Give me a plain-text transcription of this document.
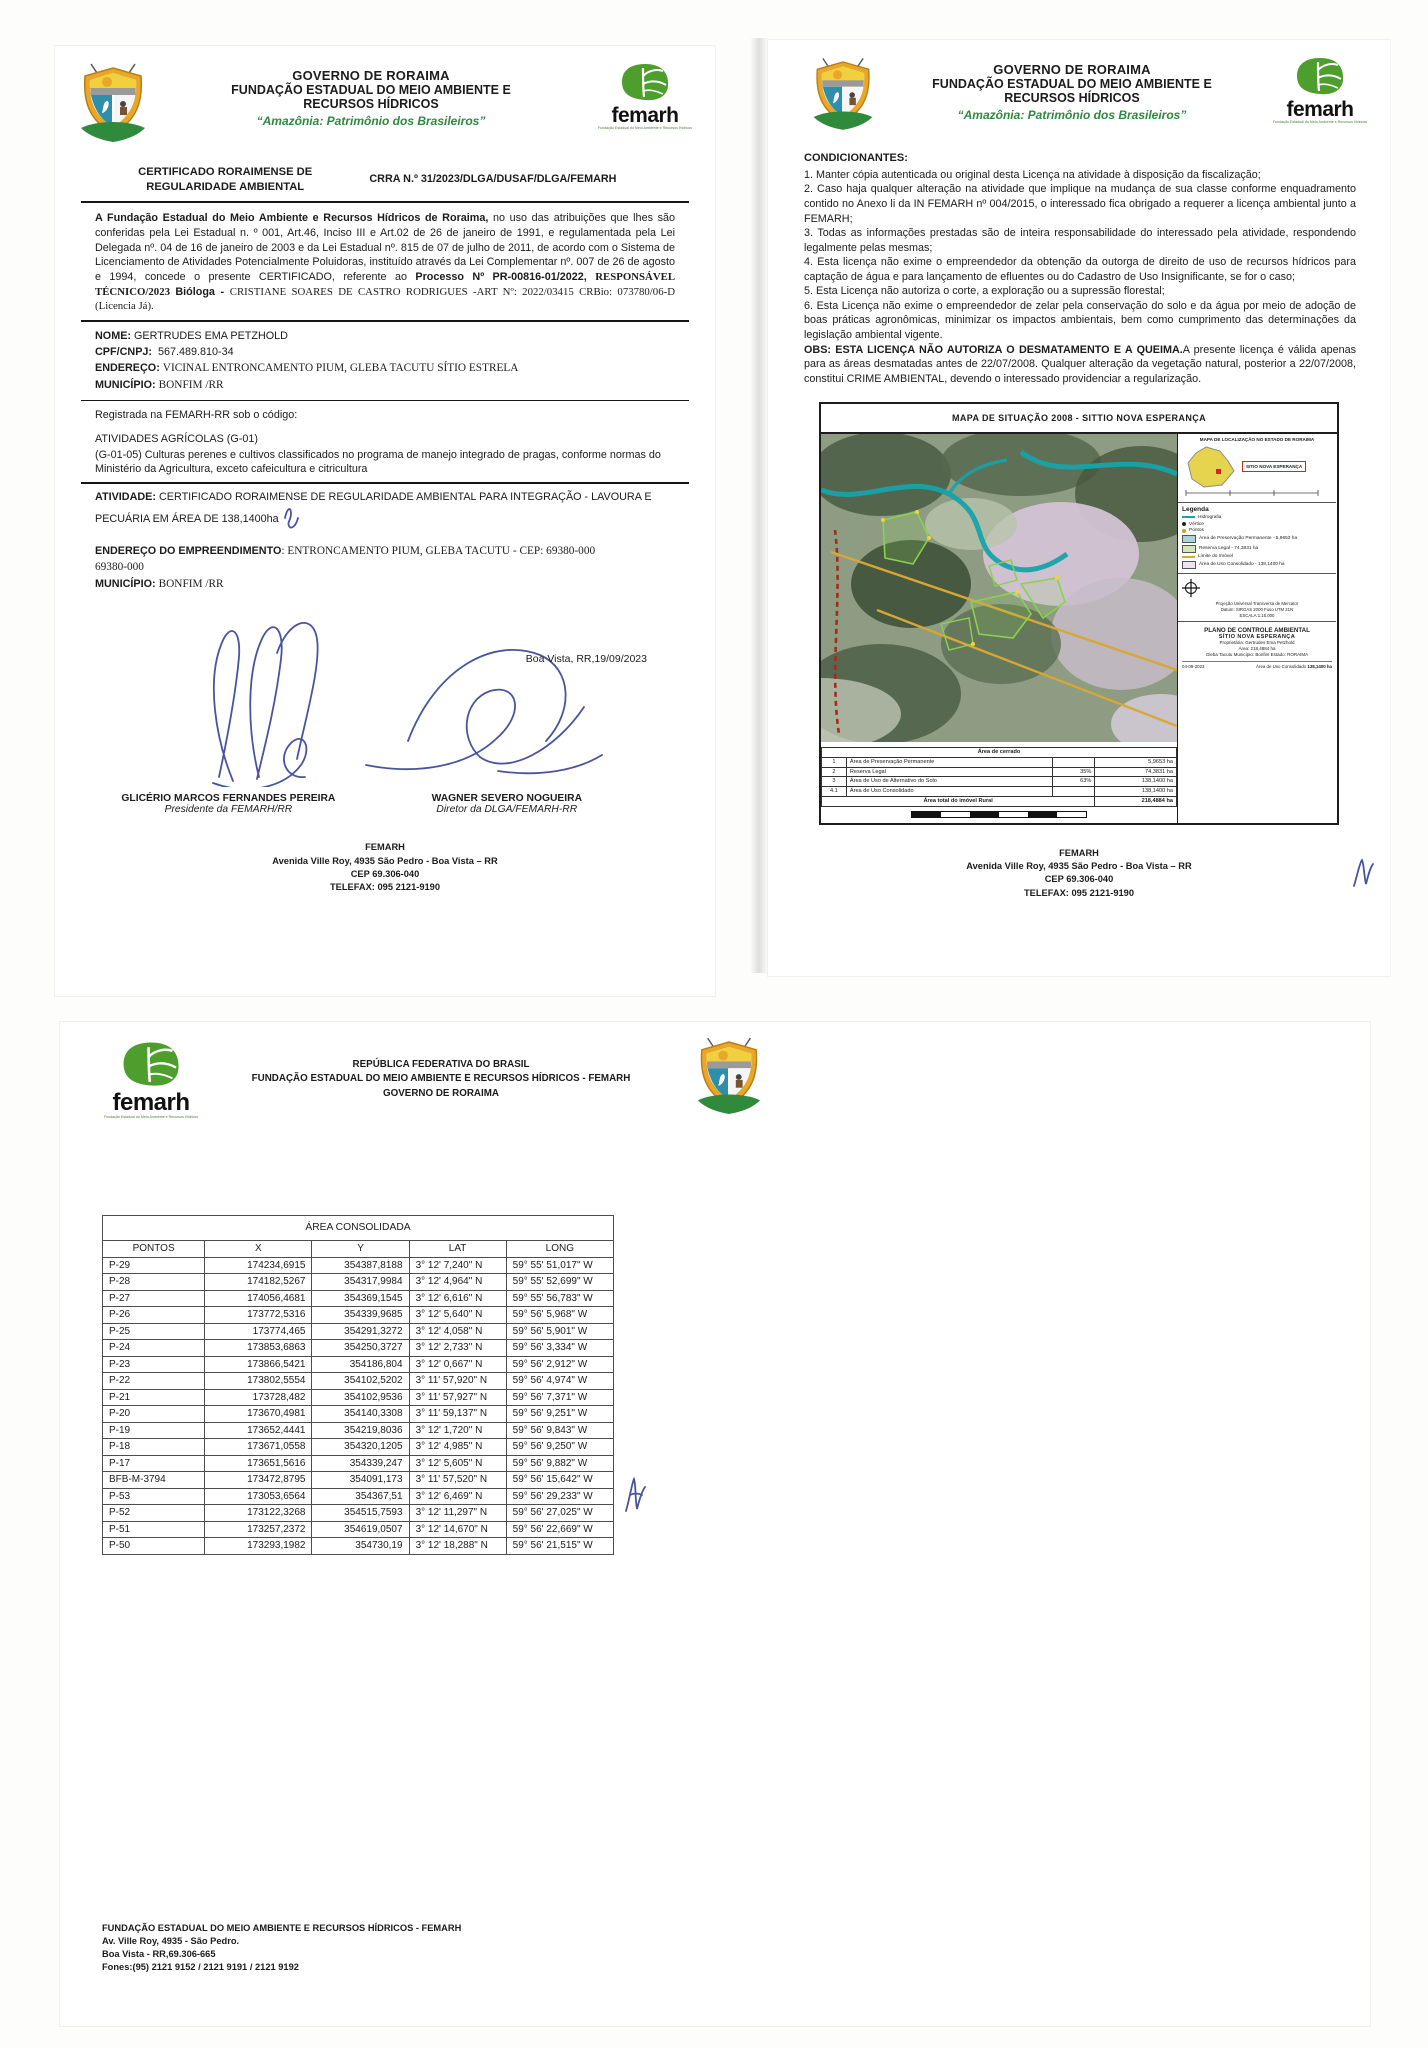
GOVERNO DE RORAIMA
FUNDAÇÃO ESTADUAL DO MEIO AMBIENTE E
RECURSOS HÍDRICOS
“Amazônia: Patrimônio dos Brasileiros”	femarh
Fundação Estadual do Meio Ambiente e Recursos Hídricos
CERTIFICADO RORAIMENSE DE
REGULARIDADE AMBIENTAL
CRRA N.º 31/2023/DLGA/DUSAF/DLGA/FEMARH

A Fundação Estadual do Meio Ambiente e Recursos Hídricos de Roraima, no uso das atribuições que lhes são conferidas pela Lei Estadual n. º 001, Art.46, Inciso III e Art.02 de 26 de janeiro de 1991, e regulamentada pela Lei Delegada nº. 04 de 16 de janeiro de 2003 e da Lei Estadual nº. 815 de 07 de julho de 2011, de acordo com o Sistema de Licenciamento de Atividades Potencialmente Poluidoras, instituído através da Lei Complementar nº. 007 de 26 de agosto e 1994, concede o presente CERTIFICADO, referente ao Processo Nº PR-00816-01/2022, RESPONSÁVEL TÉCNICO/2023 Bióloga - CRISTIANE SOARES DE CASTRO RODRIGUES -ART Nº: 2022/03415 CRBio: 073780/06-D (Licencia Já).

NOME: GERTRUDES EMA PETZHOLD
CPF/CNPJ: 567.489.810-34
ENDEREÇO: VICINAL ENTRONCAMENTO PIUM, GLEBA TACUTU SÍTIO ESTRELA
MUNICÍPIO: BONFIM /RR
Registrada na FEMARH-RR sob o código:
ATIVIDADES AGRÍCOLAS (G-01)
(G-01-05) Culturas perenes e cultivos classificados no programa de manejo integrado de pragas, conforme normas do Ministério da Agricultura, exceto cafeicultura e citricultura
ATIVIDADE: CERTIFICADO RORAIMENSE DE REGULARIDADE AMBIENTAL PARA INTEGRAÇÃO - LAVOURA E PECUÁRIA EM ÁREA DE 138,1400ha
ENDEREÇO DO EMPREENDIMENTO: ENTRONCAMENTO PIUM, GLEBA TACUTU - CEP: 69380-000
69380-000
MUNICÍPIO: BONFIM /RR
Boa Vista, RR,19/09/2023
GLICÉRIO MARCOS FERNANDES PEREIRA
Presidente da FEMARH/RR
WAGNER SEVERO NOGUEIRA
Diretor da DLGA/FEMARH-RR
FEMARH
Avenida Ville Roy, 4935 São Pedro - Boa Vista – RR
CEP 69.306-040
TELEFAX: 095 2121-9190
GOVERNO DE RORAIMA
FUNDAÇÃO ESTADUAL DO MEIO AMBIENTE E
RECURSOS HÍDRICOS
“Amazônia: Patrimônio dos Brasileiros”	femarh
Fundação Estadual do Meio Ambiente e Recursos Hídricos
CONDICIONANTES:

1. Manter cópia autenticada ou original desta Licença na atividade à disposição da fiscalização;

2. Caso haja qualquer alteração na atividade que implique na mudança de sua classe conforme enquadramento contido no Anexo li da IN FEMARH nº 004/2015, o interessado fica obrigado a requerer a licença ambiental junto a FEMARH;

3. Todas as informações prestadas são de inteira responsabilidade do interessado pela atividade, respondendo legalmente pelas mesmas;

4. Esta licença não exime o empreendedor da obtenção da outorga de direito de uso de recursos hídricos para captação de água e para lançamento de efluentes ou do Cadastro de Uso Insignificante, se for o caso;

5. Esta Licença não autoriza o corte, a exploração ou a supressão florestal;

6. Esta Licença não exime o empreendedor de zelar pela conservação do solo e da água por meio de adoção de boas práticas agronômicas, minimizar os impactos ambientais, bem como cumprimento das determinações da legislação ambiental vigente.

OBS: ESTA LICENÇA NÃO AUTORIZA O DESMATAMENTO E A QUEIMA.A presente licença é válida apenas para as áreas desmatadas antes de 22/07/2008. Qualquer alteração da vegetação natural, posterior a 22/07/2008, constitui CRIME AMBIENTAL, devendo o interessado providenciar a regularização.

MAPA DE SITUAÇÃO 2008 - SITTIO NOVA ESPERANÇA
Área de cerrado			
1	Área de Preservação Permanente		5,9653 ha
2	Reserva Legal	35%	74,3831 ha
3	Área de Uso de Alternativo do Solo	63%	138,1400 ha
4.1	Área de Uso Consolidado		138,1400 ha
Área total do imóvel Rural			218,4884 ha
MAPA DE LOCALIZAÇÃO NO ESTADO DE RORAIMA
SITIO NOVA ESPERANÇA
Legenda
Hidrografia
Vértice
Pontos
Área de Preservação Permanente - 5,9653 ha
Reserva Legal - 74,3831 ha
Limite do Imóvel
Área de Uso Consolidado - 138,1400 ha
Projeção Universal Transversa de Mercator
Datum: SIRGAS 2000 Fuso UTM 21N
ESCALA:1:15.000
PLANO DE CONTROLE AMBIENTAL
SÍTIO NOVA ESPERANÇA
Proprietária: Gertrudes Ema Petzhold
Área: 218,4884 ha
Gleba Tacutu Município: Bonfim Estado: RORAIMA
04-09-2023	Área de Uso Consolidado 138,1400 ha
FEMARH
Avenida Ville Roy, 4935 São Pedro - Boa Vista – RR
CEP 69.306-040
TELEFAX: 095 2121-9190
femarh
Fundação Estadual do Meio Ambiente e Recursos Hídricos
REPÚBLICA FEDERATIVA DO BRASIL
FUNDAÇÃO ESTADUAL DO MEIO AMBIENTE E RECURSOS HÍDRICOS - FEMARH
GOVERNO DE RORAIMA
ÁREA CONSOLIDADA				
PONTOS	X	Y	LAT	LONG
P-29	174234,6915	354387,8188	3° 12' 7,240" N	59° 55' 51,017" W
P-28	174182,5267	354317,9984	3° 12' 4,964" N	59° 55' 52,699" W
P-27	174056,4681	354369,1545	3° 12' 6,616" N	59° 55' 56,783" W
P-26	173772,5316	354339,9685	3° 12' 5,640" N	59° 56' 5,968" W
P-25	173774,465	354291,3272	3° 12' 4,058" N	59° 56' 5,901" W
P-24	173853,6863	354250,3727	3° 12' 2,733" N	59° 56' 3,334" W
P-23	173866,5421	354186,804	3° 12' 0,667" N	59° 56' 2,912" W
P-22	173802,5554	354102,5202	3° 11' 57,920" N	59° 56' 4,974" W
P-21	173728,482	354102,9536	3° 11' 57,927" N	59° 56' 7,371" W
P-20	173670,4981	354140,3308	3° 11' 59,137" N	59° 56' 9,251" W
P-19	173652,4441	354219,8036	3° 12' 1,720" N	59° 56' 9,843" W
P-18	173671,0558	354320,1205	3° 12' 4,985" N	59° 56' 9,250" W
P-17	173651,5616	354339,247	3° 12' 5,605" N	59° 56' 9,882" W
BFB-M-3794	173472,8795	354091,173	3° 11' 57,520" N	59° 56' 15,642" W
P-53	173053,6564	354367,51	3° 12' 6,469" N	59° 56' 29,233" W
P-52	173122,3268	354515,7593	3° 12' 11,297" N	59° 56' 27,025" W
P-51	173257,2372	354619,0507	3° 12' 14,670" N	59° 56' 22,669" W
P-50	173293,1982	354730,19	3° 12' 18,288" N	59° 56' 21,515" W
FUNDAÇÃO ESTADUAL DO MEIO AMBIENTE E RECURSOS HÍDRICOS - FEMARH
Av. Ville Roy, 4935 - São Pedro.
Boa Vista - RR,69.306-665
Fones:(95) 2121 9152 / 2121 9191 / 2121 9192
